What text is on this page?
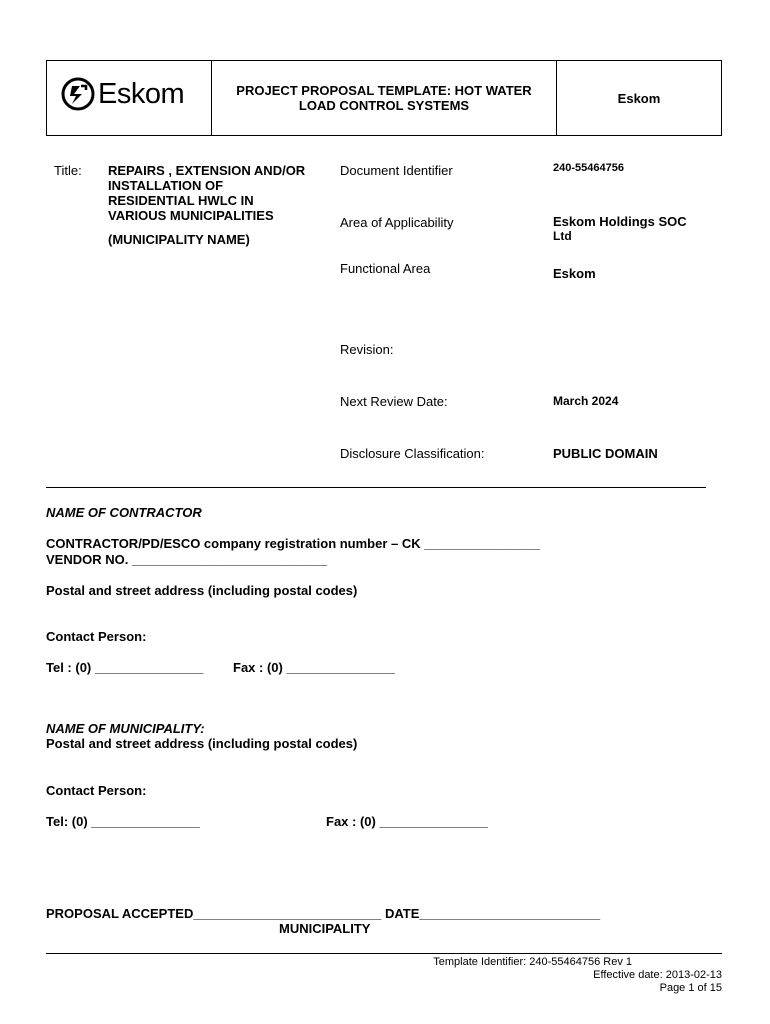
Eskom	PROJECT PROPOSAL TEMPLATE: HOT WATER LOAD CONTROL SYSTEMS	Eskom
Title: REPAIRS , EXTENSION AND/OR
INSTALLATION OF
RESIDENTIAL HWLC IN
VARIOUS MUNICIPALITIES
(MUNICIPALITY NAME)
Document Identifier	240-55464756
Area of Applicability	Eskom Holdings SOC
Ltd
Functional Area	Eskom
Revision:
Next Review Date:	March 2024
Disclosure Classification:	PUBLIC DOMAIN
NAME OF CONTRACTOR
CONTRACTOR/PD/ESCO company registration number – CK ________________
VENDOR NO. ___________________________
Postal and street address (including postal codes)
Contact Person:
Tel : (0) _______________ Fax : (0) _______________
NAME OF MUNICIPALITY:
Postal and street address (including postal codes)
Contact Person:
Tel: (0) _______________	Fax : (0) _______________
PROPOSAL ACCEPTED__________________________ DATE_________________________
MUNICIPALITY
Template Identifier: 240-55464756 Rev 1
Effective date: 2013-02-13
Page 1 of 15
